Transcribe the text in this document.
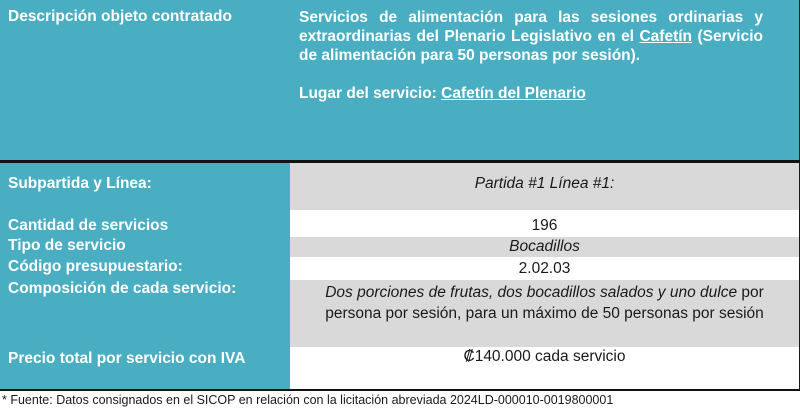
Descripción objeto contratado	Servicios de alimentación para las sesiones ordinarias y extraordinarias del Plenario Legislativo en el Cafetín (Servicio de alimentación para 50 personas por sesión).

Lugar del servicio: Cafetín del Plenario

Subpartida y Línea:
Cantidad de servicios
Tipo de servicio
Código presupuestario:
Composición de cada servicio:
Precio total por servicio con IVA
Partida #1 Línea #1:
196
Bocadillos
2.02.03
Dos porciones de frutas, dos bocadillos salados y uno dulce por persona por sesión, para un máximo de 50 personas por sesión
₡140.000 cada servicio
* Fuente: Datos consignados en el SICOP en relación con la licitación abreviada 2024LD-000010-0019800001
